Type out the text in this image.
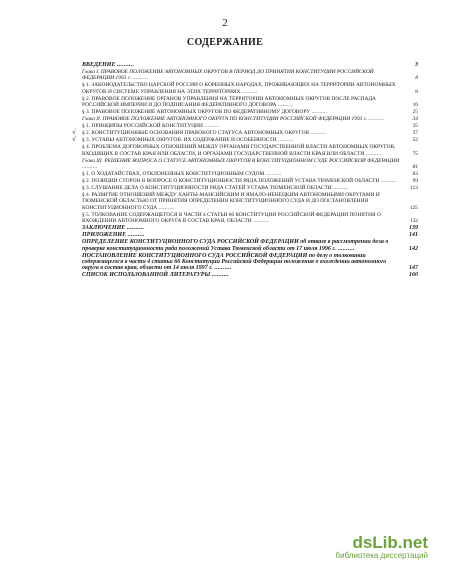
2
СОДЕРЖАНИЕ
ВВЕДЕНИЕ ..........	3
Глава I. ПРАВОВОЕ ПОЛОЖЕНИЕ АВТОНОМНЫХ ОКРУГОВ В ПЕРИОД ДО ПРИНЯТИЯ КОНСТИТУЦИИ РОССИЙСКОЙ ФЕДЕРАЦИИ 1993 г. ..........	8
§ 1. ЗАКОНОДАТЕЛЬСТВО ЦАРСКОЙ РОССИИ О КОРЕННЫХ НАРОДАХ, ПРОЖИВАЮЩИХ НА ТЕРРИТОРИИ АВТОНОМНЫХ ОКРУГОВ И СИСТЕМЕ УПРАВЛЕНИЯ НА ЭТИХ ТЕРРИТОРИЯХ ..........	8
§ 2. ПРАВОВОЕ ПОЛОЖЕНИЕ ОРГАНОВ УПРАВЛЕНИЯ НА ТЕРРИТОРИИ АВТОНОМНЫХ ОКРУГОВ ПОСЛЕ РАСПАДА РОССИЙСКОЙ ИМПЕРИИ И ДО ПОДПИСАНИЯ ФЕДЕРАТИВНОГО ДОГОВОРА ..........	16
§ 3. ПРАВОВОЕ ПОЛОЖЕНИЕ АВТОНОМНЫХ ОКРУГОВ ПО ФЕДЕРАТИВНОМУ ДОГОВОРУ ..........	25
Глава II. ПРАВОВОЕ ПОЛОЖЕНИЕ АВТОНОМНОГО ОКРУГА ПО КОНСТИТУЦИИ РОССИЙСКОЙ ФЕДЕРАЦИИ 1993 г. ..........	34
§ 1. ПРИНЦИПЫ РОССИЙСКОЙ КОНСТИТУЦИИ ..........	35
√ § 2. КОНСТИТУЦИОННЫЕ ОСНОВАНИЯ ПРАВОВОГО СТАТУСА АВТОНОМНЫХ ОКРУГОВ ..........	37
√ § 3. УСТАВЫ АВТОНОМНЫХ ОКРУГОВ. ИХ СОДЕРЖАНИЕ И ОСОБЕННОСТИ ..........	52
§ 4. ПРОБЛЕМА ДОГОВОРНЫХ ОТНОШЕНИЙ МЕЖДУ ОРГАНАМИ ГОСУДАРСТВЕННОЙ ВЛАСТИ АВТОНОМНЫХ ОКРУГОВ, ВХОДЯЩИХ В СОСТАВ КРАЯ ИЛИ ОБЛАСТИ, И ОРГАНАМИ ГОСУДАРСТВЕННОЙ ВЛАСТИ КРАЯ ИЛИ ОБЛАСТИ ..........	75
Глава III. РЕШЕНИЕ ВОПРОСА О СТАТУСЕ АВТОНОМНЫХ ОКРУГОВ В КОНСТИТУЦИОННОМ СУДЕ РОССИЙСКОЙ ФЕДЕРАЦИИ ..........	81
§ 1. О ХОДАТАЙСТВАХ, ОТКЛОНЕННЫХ КОНСТИТУЦИОННЫМ СУДОМ ..........	83
§ 2. ПОЗИЦИИ СТОРОН В ВОПРОСЕ О КОНСТИТУЦИОННОСТИ РЯДА ПОЛОЖЕНИЙ УСТАВА ТЮМЕНСКОЙ ОБЛАСТИ ..........	99
§ 3. СЛУШАНИЕ ДЕЛА О КОНСТИТУЦИОННОСТИ РЯДА СТАТЕЙ УСТАВА ТЮМЕНСКОЙ ОБЛАСТИ ..........	113
§ 4. РАЗВИТИЕ ОТНОШЕНИЙ МЕЖДУ ХАНТЫ-МАНСИЙСКИМ И ЯМАЛО-НЕНЕЦКИМ АВТОНОМНЫМИ ОКРУГАМИ И ТЮМЕНСКОЙ ОБЛАСТЬЮ ОТ ПРИНЯТИЯ ОПРЕДЕЛЕНИЯ КОНСТИТУЦИОННОГО СУДА И ДО ПОСТАНОВЛЕНИЯ КОНСТИТУЦИОННОГО СУДА ..........	125
§ 5. ТОЛКОВАНИЕ СОДЕРЖАЩЕГОСЯ В ЧАСТИ 4 СТАТЬИ 66 КОНСТИТУЦИИ РОССИЙСКОЙ ФЕДЕРАЦИИ ПОНЯТИЯ О ВХОЖДЕНИИ АВТОНОМНОГО ОКРУГА В СОСТАВ КРАЯ, ОБЛАСТИ ..........	132
ЗАКЛЮЧЕНИЕ ..........	139
ПРИЛОЖЕНИЕ ..........	141
ОПРЕДЕЛЕНИЕ КОНСТИТУЦИОННОГО СУДА РОССИЙСКОЙ ФЕДЕРАЦИИ об отказе в рассмотрении дела о проверке конституционности ряда положений Устава Тюменской области от 17 июля 1996 г. ..........	142
ПОСТАНОВЛЕНИЕ КОНСТИТУЦИОННОГО СУДА РОССИЙСКОЙ ФЕДЕРАЦИИ по делу о толковании содержащегося в части 4 статьи 66 Конституции Российской Федерации положения о вхождении автономного округа в состав края, области от 14 июля 1997 г. ..........	147
СПИСОК ИСПОЛЬЗОВАННОЙ ЛИТЕРАТУРЫ ..........	160
dsLib.net
библиотека диссертаций
